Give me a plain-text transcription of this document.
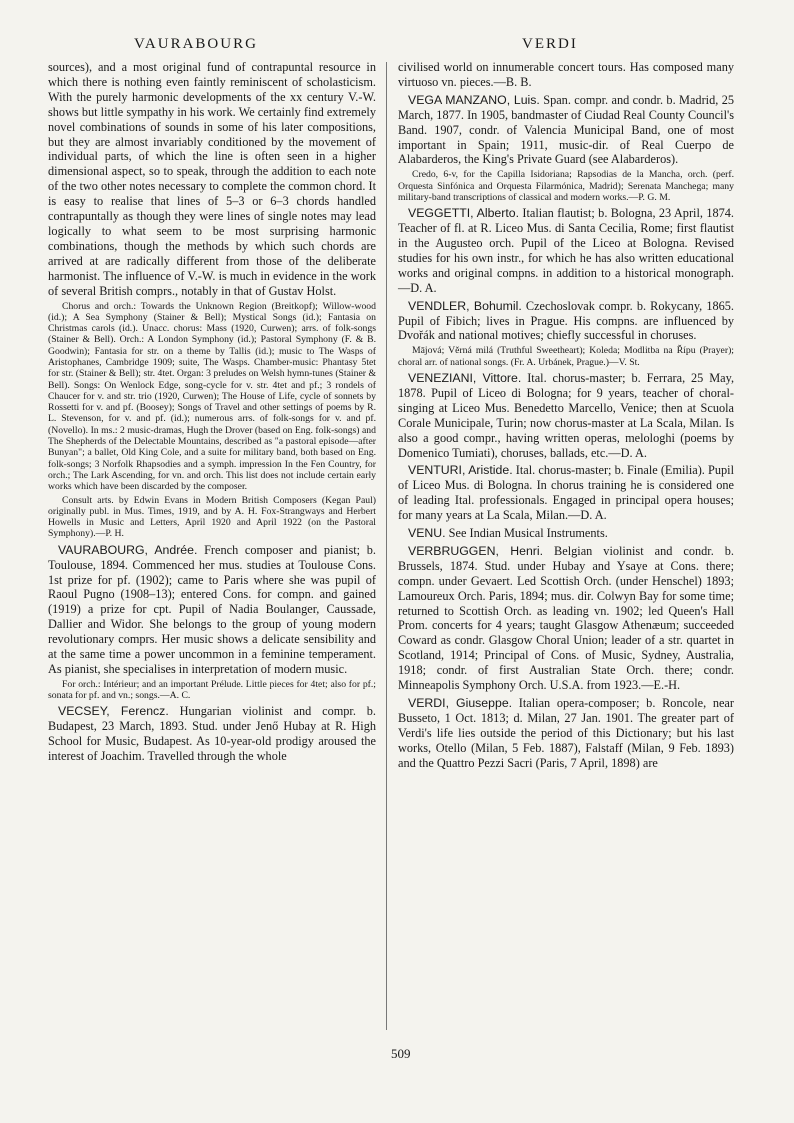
VAURABOURG	VERDI

sources), and a most original fund of contrapuntal resource in which there is nothing even faintly reminiscent of scholasticism. With the purely harmonic developments of the xx century V.-W. shows but little sympathy in his work. We certainly find extremely novel combinations of sounds in some of his later compositions, but they are almost invariably conditioned by the movement of individual parts, of which the line is often seen in a higher dimensional aspect, so to speak, through the addition to each note of the two other notes necessary to complete the common chord. It is easy to realise that lines of 5–3 or 6–3 chords handled contrapuntally as though they were lines of single notes may lead logically to what seem to be most surprising harmonic combinations, though the methods by which such chords are arrived at are radically different from those of the deliberate harmonist. The influence of V.-W. is much in evidence in the work of several British comprs., notably in that of Gustav Holst.

Chorus and orch.: Towards the Unknown Region (Breitkopf); Willow-wood (id.); A Sea Symphony (Stainer & Bell); Mystical Songs (id.); Fantasia on Christmas carols (id.). Unacc. chorus: Mass (1920, Curwen); arrs. of folk-songs (Stainer & Bell). Orch.: A London Symphony (id.); Pastoral Symphony (F. & B. Goodwin); Fantasia for str. on a theme by Tallis (id.); music to The Wasps of Aristophanes, Cambridge 1909; suite, The Wasps. Chamber-music: Phantasy 5tet for str. (Stainer & Bell); str. 4tet. Organ: 3 preludes on Welsh hymn-tunes (Stainer & Bell). Songs: On Wenlock Edge, song-cycle for v. str. 4tet and pf.; 3 rondels of Chaucer for v. and str. trio (1920, Curwen); The House of Life, cycle of sonnets by Rossetti for v. and pf. (Boosey); Songs of Travel and other settings of poems by R. L. Stevenson, for v. and pf. (id.); numerous arrs. of folk-songs for v. and pf. (Novello). In ms.: 2 music-dramas, Hugh the Drover (based on Eng. folk-songs) and The Shepherds of the Delectable Mountains, described as "a pastoral episode—after Bunyan"; a ballet, Old King Cole, and a suite for military band, both based on Eng. folk-songs; 3 Norfolk Rhapsodies and a symph. impression In the Fen Country, for orch.; The Lark Ascending, for vn. and orch. This list does not include certain early works which have been discarded by the composer.

Consult arts. by Edwin Evans in Modern British Composers (Kegan Paul) originally publ. in Mus. Times, 1919, and by A. H. Fox-Strangways and Herbert Howells in Music and Letters, April 1920 and April 1922 (on the Pastoral Symphony).—P. H.

VAURABOURG, Andrée. French composer and pianist; b. Toulouse, 1894. Commenced her mus. studies at Toulouse Cons. 1st prize for pf. (1902); came to Paris where she was pupil of Raoul Pugno (1908–13); entered Cons. for compn. and gained (1919) a prize for cpt. Pupil of Nadia Boulanger, Caussade, Dallier and Widor. She belongs to the group of young modern revolutionary comprs. Her music shows a delicate sensibility and at the same time a power uncommon in a feminine temperament. As pianist, she specialises in interpretation of modern music.

For orch.: Intérieur; and an important Prélude. Little pieces for 4tet; also for pf.; sonata for pf. and vn.; songs.—A. C.

VECSEY, Ferencz. Hungarian violinist and compr. b. Budapest, 23 March, 1893. Stud. under Jenő Hubay at R. High School for Music, Budapest. As 10-year-old prodigy aroused the interest of Joachim. Travelled through the whole

civilised world on innumerable concert tours. Has composed many virtuoso vn. pieces.—B. B.

VEGA MANZANO, Luis. Span. compr. and condr. b. Madrid, 25 March, 1877. In 1905, bandmaster of Ciudad Real County Council's Band. 1907, condr. of Valencia Municipal Band, one of most important in Spain; 1911, music-dir. of Real Cuerpo de Alabarderos, the King's Private Guard (see Alabarderos).

Credo, 6-v, for the Capilla Isidoriana; Rapsodias de la Mancha, orch. (perf. Orquesta Sinfónica and Orquesta Filarmónica, Madrid); Serenata Manchega; many military-band transcriptions of classical and modern works.—P. G. M.

VEGGETTI, Alberto. Italian flautist; b. Bologna, 23 April, 1874. Teacher of fl. at R. Liceo Mus. di Santa Cecilia, Rome; first flautist in the Augusteo orch. Pupil of the Liceo at Bologna. Revised studies for his own instr., for which he has also written educational works and original compns. in addition to a historical monograph.—D. A.

VENDLER, Bohumil. Czechoslovak compr. b. Rokycany, 1865. Pupil of Fibich; lives in Prague. His compns. are influenced by Dvořák and national motives; chiefly successful in choruses.

Mājová; Věrná milá (Truthful Sweetheart); Koleda; Modlitba na Řípu (Prayer); choral arr. of national songs. (Fr. A. Urbánek, Prague.)—V. St.

VENEZIANI, Vittore. Ital. chorus-master; b. Ferrara, 25 May, 1878. Pupil of Liceo di Bologna; for 9 years, teacher of choral-singing at Liceo Mus. Benedetto Marcello, Venice; then at Scuola Corale Municipale, Turin; now chorus-master at La Scala, Milan. Is also a good compr., having written operas, melologhi (poems by Domenico Tumiati), choruses, ballads, etc.—D. A.

VENTURI, Aristide. Ital. chorus-master; b. Finale (Emilia). Pupil of Liceo Mus. di Bologna. In chorus training he is considered one of leading Ital. professionals. Engaged in principal opera houses; for many years at La Scala, Milan.—D. A.

VENU. See Indian Musical Instruments.

VERBRUGGEN, Henri. Belgian violinist and condr. b. Brussels, 1874. Stud. under Hubay and Ysaye at Cons. there; compn. under Gevaert. Led Scottish Orch. (under Henschel) 1893; Lamoureux Orch. Paris, 1894; mus. dir. Colwyn Bay for some time; returned to Scottish Orch. as leading vn. 1902; led Queen's Hall Prom. concerts for 4 years; taught Glasgow Athenæum; succeeded Coward as condr. Glasgow Choral Union; leader of a str. quartet in Scotland, 1914; Principal of Cons. of Music, Sydney, Australia, 1918; condr. of first Australian State Orch. there; condr. Minneapolis Symphony Orch. U.S.A. from 1923.—E.-H.

VERDI, Giuseppe. Italian opera-composer; b. Roncole, near Busseto, 1 Oct. 1813; d. Milan, 27 Jan. 1901. The greater part of Verdi's life lies outside the period of this Dictionary; but his last works, Otello (Milan, 5 Feb. 1887), Falstaff (Milan, 9 Feb. 1893) and the Quattro Pezzi Sacri (Paris, 7 April, 1898) are

509
